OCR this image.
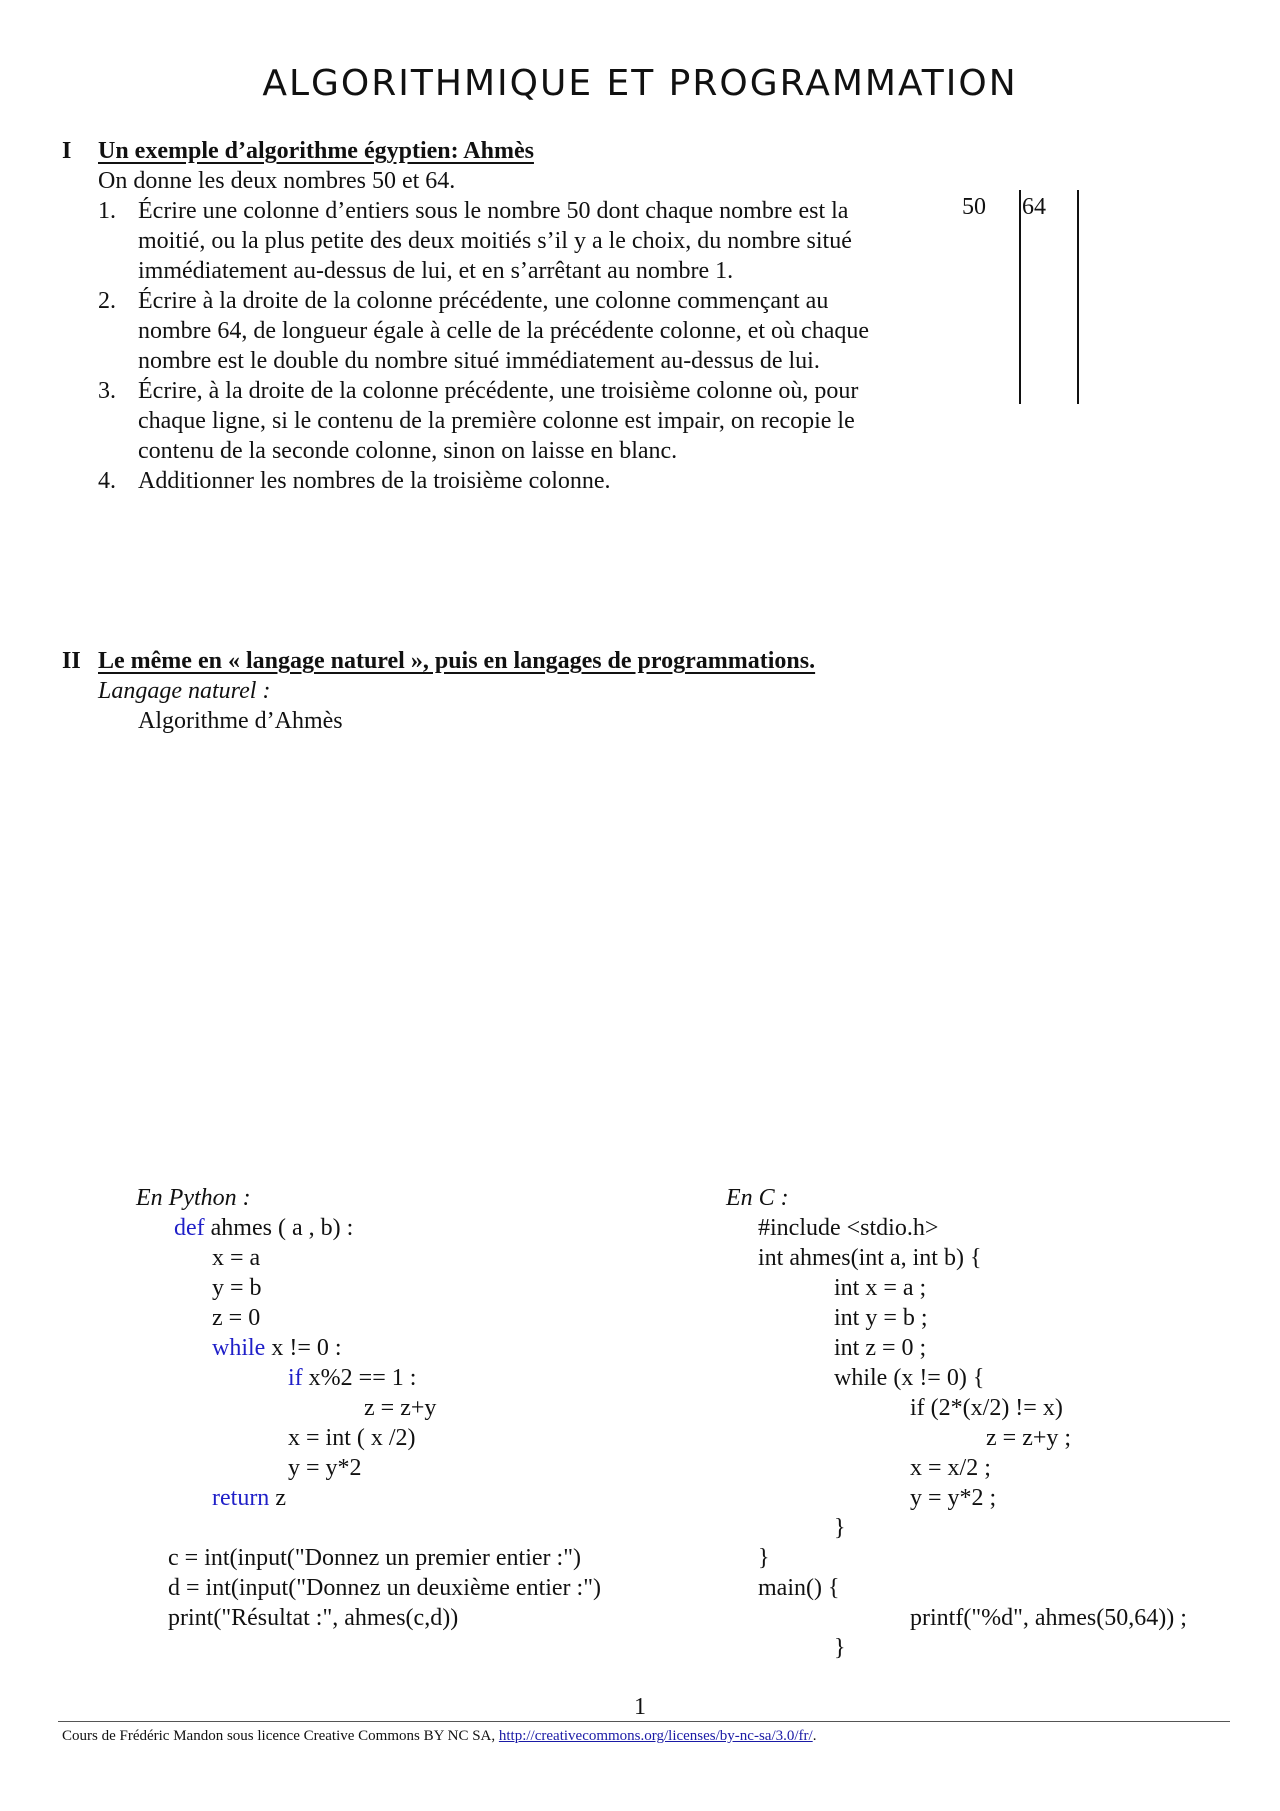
ALGORITHMIQUE ET PROGRAMMATION
I Un exemple d’algorithme égyptien: Ahmès
On donne les deux nombres 50 et 64.
1. Écrire une colonne d’entiers sous le nombre 50 dont chaque nombre est la moitié, ou la plus petite des deux moitiés s’il y a le choix, du nombre situé immédiatement au-dessus de lui, et en s’arrêtant au nombre 1.
2. Écrire à la droite de la colonne précédente, une colonne commençant au nombre 64, de longueur égale à celle de la précédente colonne, et où chaque nombre est le double du nombre situé immédiatement au-dessus de lui.
3. Écrire, à la droite de la colonne précédente, une troisième colonne où, pour chaque ligne, si le contenu de la première colonne est impair, on recopie le contenu de la seconde colonne, sinon on laisse en blanc.
4. Additionner les nombres de la troisième colonne.
50 64
II Le même en « langage naturel », puis en langages de programmations.
Langage naturel :
Algorithme d’Ahmès
En Python :
def ahmes ( a , b) :
x = a
y = b
z = 0
while x != 0 :
if x%2 == 1 :
z = z+y
x = int ( x /2)
y = y*2
return z
c = int(input("Donnez un premier entier :")
d = int(input("Donnez un deuxième entier :")
print("Résultat :", ahmes(c,d))
En C :
#include <stdio.h>
int ahmes(int a, int b) {
int x = a ;
int y = b ;
int z = 0 ;
while (x != 0) {
if (2*(x/2) != x)
z = z+y ;
x = x/2 ;
y = y*2 ;
}
}
main() {
printf("%d", ahmes(50,64)) ;
}
1
Cours de Frédéric Mandon sous licence Creative Commons BY NC SA, http://creativecommons.org/licenses/by-nc-sa/3.0/fr/.
